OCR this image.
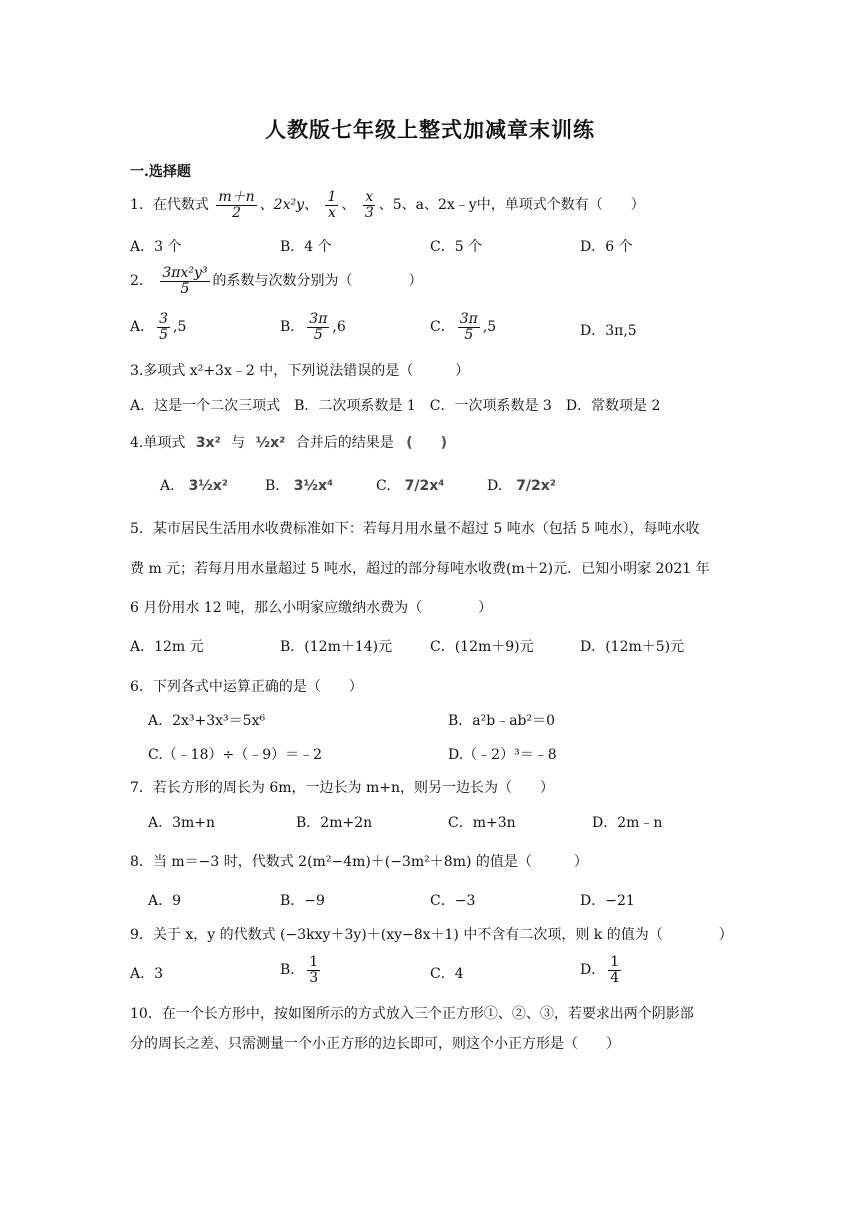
人教版七年级上整式加减章末训练
一.选择题
1．在代数式 $\frac{m+n}{2}$ 、2x²y、 $\frac{1}{x}$ 、 $\frac{x}{3}$ 、5、a、2x﹣y中，单项式个数有（　　）
A．3 个	B．4 个	C．5 个	D．6 个
2． $\frac{\text{3πx²y³}}{5}$ 的系数与次数分别为（　　　　）
A． $\frac{3}{5} ,5$	B． $\frac{3\pi}{5} ,6$	C． $\frac{3\pi}{5} ,5$	D．3π,5
3.多项式 x²+3x﹣2 中，下列说法错误的是（　　　）
A．这是一个二次三项式　B．二次项系数是 1　C．一次项系数是 3　D．常数项是 2
4.单项式 3x² 与 ½x² 合并后的结果是 (　　)
A. 3½x²	B. 3½x⁴	C. 7/2x⁴	D. 7/2x²
5．某市居民生活用水收费标准如下：若每月用水量不超过 5 吨水（包括 5 吨水），每吨水收
费 m 元；若每月用水量超过 5 吨水，超过的部分每吨水收费(m＋2)元．已知小明家 2021 年
6 月份用水 12 吨，那么小明家应缴纳水费为（　　　　）
A．12m 元	B．(12m＋14)元	C．(12m＋9)元	D．(12m＋5)元
6．下列各式中运算正确的是（　　）
A．2x³+3x³＝5x⁶	B．a²b﹣ab²＝0
C.（﹣18）÷（﹣9）＝﹣2	D.（﹣2）³＝﹣8
7．若长方形的周长为 6m，一边长为 m+n，则另一边长为（　　）
A．3m+n	B．2m+2n	C．m+3n	D．2m﹣n
8．当 m＝−3 时，代数式 2(m²−4m)＋(−3m²＋8m) 的值是（　　　）
A．9	B．−9	C．−3	D．−21
9．关于 x，y 的代数式 (−3kxy＋3y)＋(xy−8x＋1) 中不含有二次项，则 k 的值为（　　　　）
A．3	B． $\frac{1}{3}$	C．4	D． $\frac{1}{4}$
10．在一个长方形中，按如图所示的方式放入三个正方形①、②、③，若要求出两个阴影部
分的周长之差、只需测量一个小正方形的边长即可，则这个小正方形是（　　）
